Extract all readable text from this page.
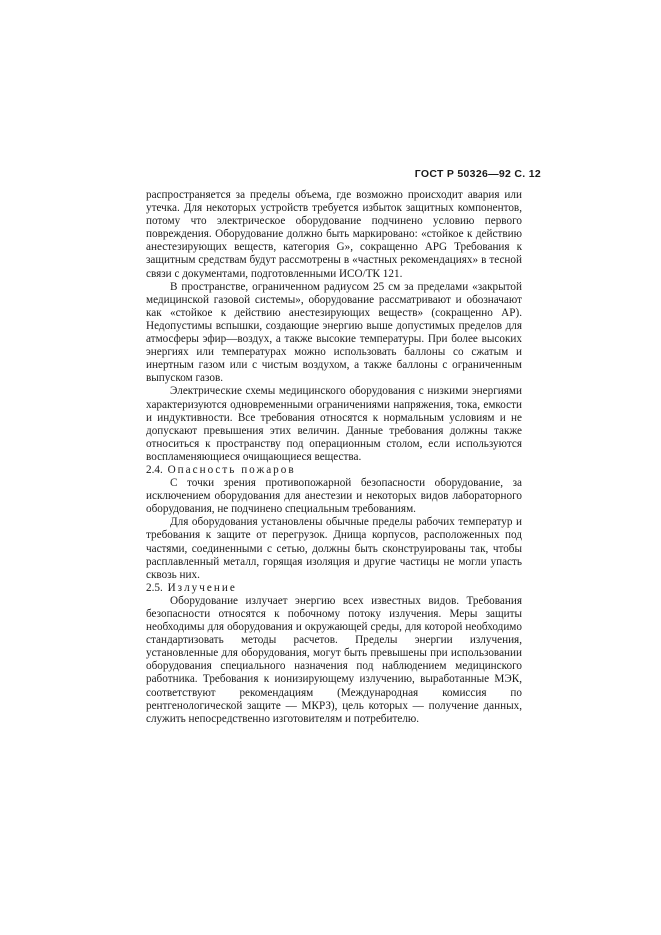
ГОСТ Р 50326—92 С. 12

распространяется за пределы объема, где возможно происходит авария или утечка. Для некоторых устройств требуется избыток защитных компонентов, потому что электрическое оборудование подчинено условию первого повреждения. Оборудование должно быть маркировано: «стойкое к действию анестезирующих веществ, категория G», сокращенно APG Требования к защитным средствам будут рассмотрены в «частных рекомендациях» в тесной связи с документами, подготовленными ИСО/ТК 121.

В пространстве, ограниченном радиусом 25 см за пределами «закрытой медицинской газовой системы», оборудование рассматривают и обозначают как «стойкое к действию анестезирующих веществ» (сокращенно AP). Недопустимы вспышки, создающие энергию выше допустимых пределов для атмосферы эфир—воздух, а также высокие температуры. При более высоких энергиях или температурах можно использовать баллоны со сжатым и инертным газом или с чистым воздухом, а также баллоны с ограниченным выпуском газов.

Электрические схемы медицинского оборудования с низкими энергиями характеризуются одновременными ограничениями напряжения, тока, емкости и индуктивности. Все требования относятся к нормальным условиям и не допускают превышения этих величин. Данные требования должны также относиться к пространству под операционным столом, если используются воспламеняющиеся очищающиеся вещества.

2.4. Опасность пожаров

С точки зрения противопожарной безопасности оборудование, за исключением оборудования для анестезии и некоторых видов лабораторного оборудования, не подчинено специальным требованиям.

Для оборудования установлены обычные пределы рабочих температур и требования к защите от перегрузок. Днища корпусов, расположенных под частями, соединенными с сетью, должны быть сконструированы так, чтобы расплавленный металл, горящая изоляция и другие частицы не могли упасть сквозь них.

2.5. Излучение

Оборудование излучает энергию всех известных видов. Требования безопасности относятся к побочному потоку излучения. Меры защиты необходимы для оборудования и окружающей среды, для которой необходимо стандартизовать методы расчетов. Пределы энергии излучения, установленные для оборудования, могут быть превышены при использовании оборудования специального назначения под наблюдением медицинского работника. Требования к ионизирующему излучению, выработанные МЭК, соответствуют рекомендациям (Международная комиссия по рентгенологической защите — МКРЗ), цель которых — получение данных, служить непосредственно изготовителям и потребителю.
